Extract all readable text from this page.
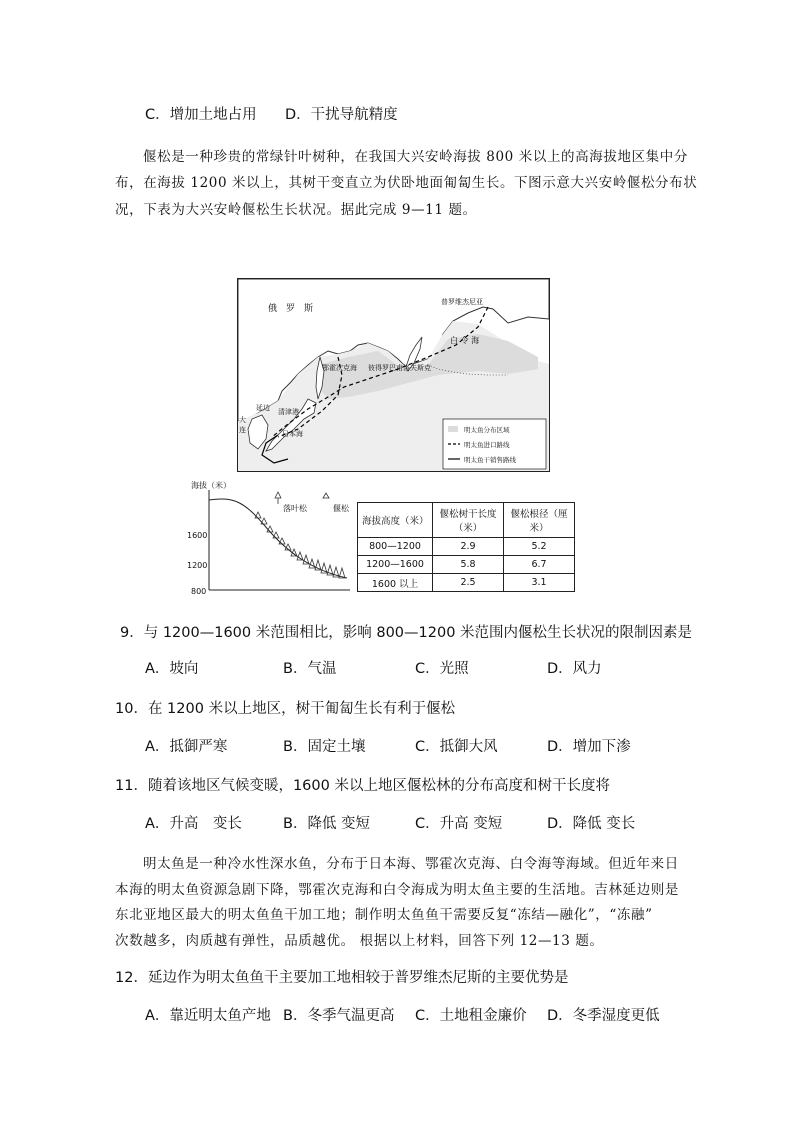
C．增加土地占用 D．干扰导航精度
偃松是一种珍贵的常绿针叶树种，在我国大兴安岭海拔 800 米以上的高海拔地区集中分
布，在海拔 1200 米以上，其树干变直立为伏卧地面匍匐生长。下图示意大兴安岭偃松分布状
况，下表为大兴安岭偃松生长状况。据此完成 9—11 题。
俄　罗　斯
普罗维杰尼亚
白 令 海
鄂霍次克海 彼得罗巴甫洛夫斯克
延边 清津港
日本海
大连	明太鱼分布区域
明太鱼进口路线
明太鱼干销售路线
海拔（米）
落叶松	偃松
1600
1200
800
海拔高度（米）	偃松树干长度（米）	偃松根径（厘米）
800—1200	2.9	5.2
1200—1600	5.8	6.7
1600 以上	2.5	3.1
9．与 1200—1600 米范围相比，影响 800—1200 米范围内偃松生长状况的限制因素是
A．坡向	B．气温	C．光照	D．风力
10．在 1200 米以上地区，树干匍匐生长有利于偃松
A．抵御严寒	B．固定土壤	C．抵御大风	D．增加下渗
11．随着该地区气候变暖，1600 米以上地区偃松林的分布高度和树干长度将
A．升高　变长	B．降低 变短	C．升高 变短	D．降低 变长
明太鱼是一种冷水性深水鱼，分布于日本海、鄂霍次克海、白令海等海域。但近年来日
本海的明太鱼资源急剧下降，鄂霍次克海和白令海成为明太鱼主要的生活地。吉林延边则是
东北亚地区最大的明太鱼鱼干加工地；制作明太鱼鱼干需要反复“冻结—融化”，“冻融”
次数越多，肉质越有弹性，品质越优。 根据以上材料，回答下列 12—13 题。
12．延边作为明太鱼鱼干主要加工地相较于普罗维杰尼斯的主要优势是
A．靠近明太鱼产地 B．冬季气温更高 C．土地租金廉价 D．冬季湿度更低
